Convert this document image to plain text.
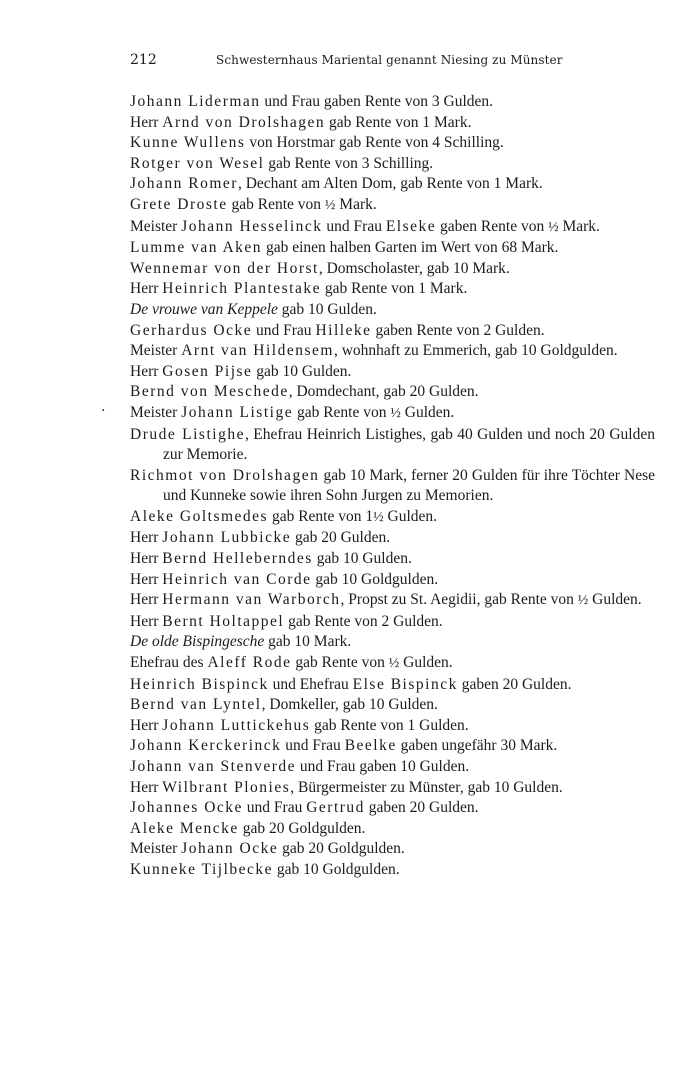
212	Schwesternhaus Mariental genannt Niesing zu Münster
·

Johann Liderman und Frau gaben Rente von 3 Gulden.

Herr Arnd von Drolshagen gab Rente von 1 Mark.

Kunne Wullens von Horstmar gab Rente von 4 Schilling.

Rotger von Wesel gab Rente von 3 Schilling.

Johann Romer, Dechant am Alten Dom, gab Rente von 1 Mark.

Grete Droste gab Rente von ½ Mark.

Meister Johann Hesselinck und Frau Elseke gaben Rente von ½ Mark.

Lumme van Aken gab einen halben Garten im Wert von 68 Mark.

Wennemar von der Horst, Domscholaster, gab 10 Mark.

Herr Heinrich Plantestake gab Rente von 1 Mark.

De vrouwe van Keppele gab 10 Gulden.

Gerhardus Ocke und Frau Hilleke gaben Rente von 2 Gulden.

Meister Arnt van Hildensem, wohnhaft zu Emmerich, gab 10 Goldgulden.

Herr Gosen Pijse gab 10 Gulden.

Bernd von Meschede, Domdechant, gab 20 Gulden.

Meister Johann Listige gab Rente von ½ Gulden.

Drude Listighe, Ehefrau Heinrich Listighes, gab 40 Gulden und noch 20 Gulden zur Memorie.

Richmot von Drolshagen gab 10 Mark, ferner 20 Gulden für ihre Töchter Nese und Kunneke sowie ihren Sohn Jurgen zu Memorien.

Aleke Goltsmedes gab Rente von 1½ Gulden.

Herr Johann Lubbicke gab 20 Gulden.

Herr Bernd Helleberndes gab 10 Gulden.

Herr Heinrich van Corde gab 10 Goldgulden.

Herr Hermann van Warborch, Propst zu St. Aegidii, gab Rente von ½ Gulden.

Herr Bernt Holtappel gab Rente von 2 Gulden.

De olde Bispingesche gab 10 Mark.

Ehefrau des Aleff Rode gab Rente von ½ Gulden.

Heinrich Bispinck und Ehefrau Else Bispinck gaben 20 Gulden.

Bernd van Lyntel, Domkeller, gab 10 Gulden.

Herr Johann Luttickehus gab Rente von 1 Gulden.

Johann Kerckerinck und Frau Beelke gaben ungefähr 30 Mark.

Johann van Stenverde und Frau gaben 10 Gulden.

Herr Wilbrant Plonies, Bürgermeister zu Münster, gab 10 Gulden.

Johannes Ocke und Frau Gertrud gaben 20 Gulden.

Aleke Mencke gab 20 Goldgulden.

Meister Johann Ocke gab 20 Goldgulden.

Kunneke Tijlbecke gab 10 Goldgulden.
